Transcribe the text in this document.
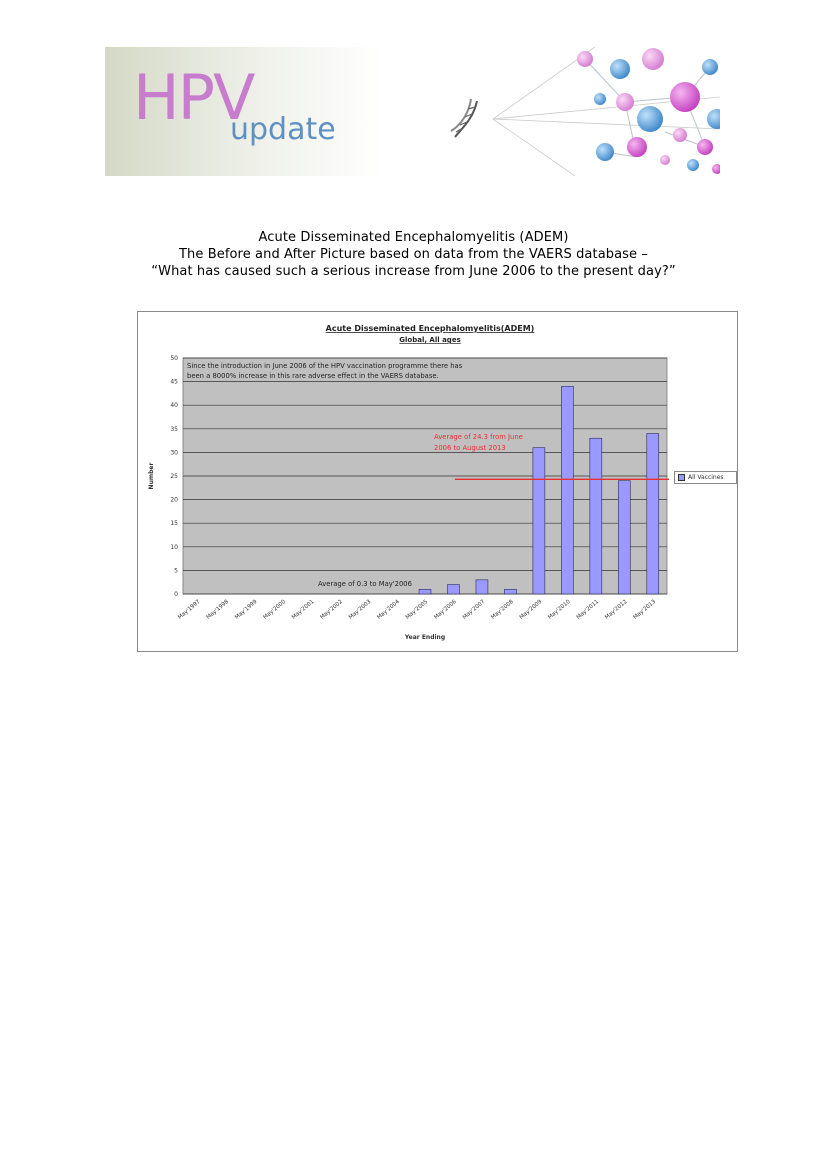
HPV
update
Acute Disseminated Encephalomyelitis (ADEM)
The Before and After Picture based on data from the VAERS database –
“What has caused such a serious increase from June 2006 to the present day?”
Acute Disseminated Encephalomyelitis(ADEM)
Global, All ages
0
5
10
15
20
25
30
35
40
45
50
May'1997 May'1998 May'1999 May'2000 May'2001 May'2002 May'2003 May'2004 May'2005 May'2006 May'2007 May'2008 May'2009 May'2010 May'2011 May'2012 May'2013
Year Ending
Number
Since the introduction in June 2006 of the HPV vaccination programme there has
been a 8000% increase in this rare adverse effect in the VAERS database.
Average of 24.3 from June
2006 to August 2013
Average of 0.3 to May'2006
All Vaccines
